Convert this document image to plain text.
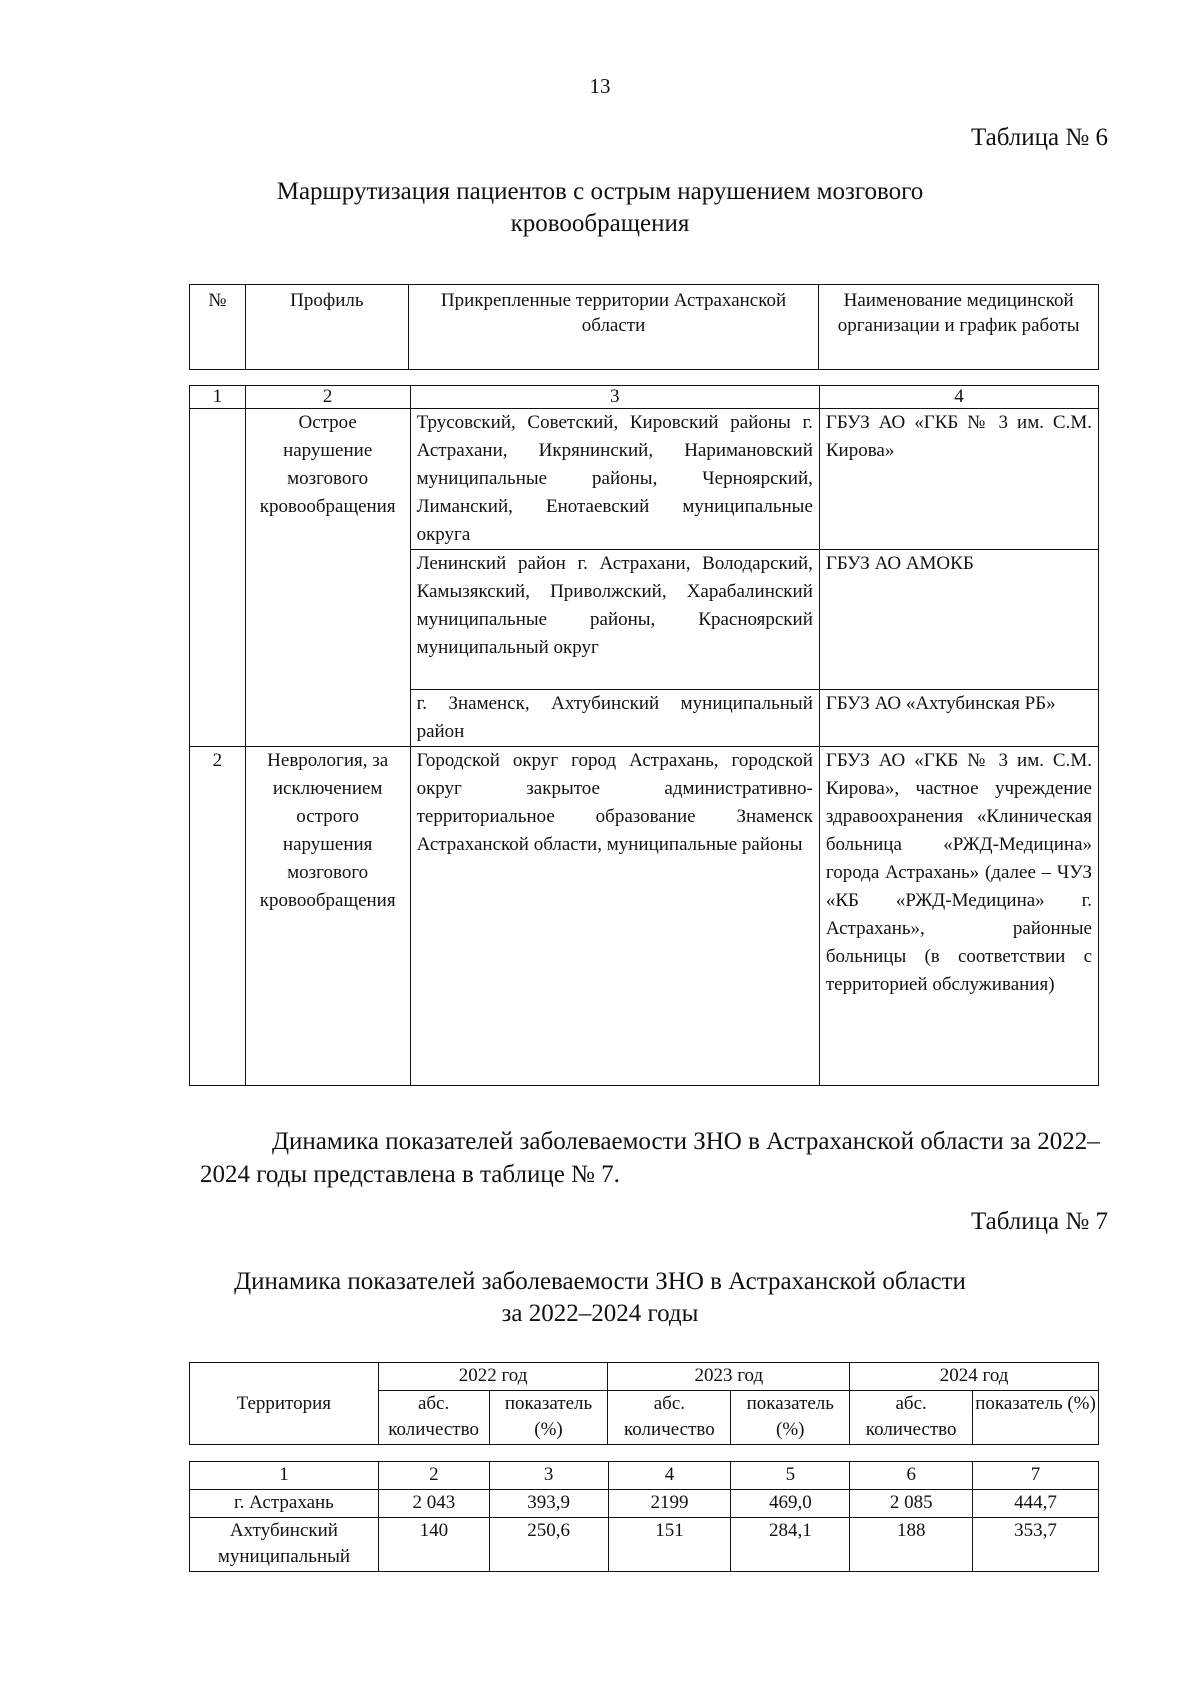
13
Таблица № 6
Маршрутизация пациентов с острым нарушением мозгового
кровообращения
№	Профиль	Прикрепленные территории Астраханской области	Наименование медицинской организации и график работы
1	2	3	4
	Острое нарушение мозгового кровообращения	Трусовский, Советский, Кировский районы г. Астрахани, Икрянинский, Наримановский муниципальные районы, Черноярский, Лиманский, Енотаевский муниципальные округа	ГБУЗ АО «ГКБ № 3 им. С.М. Кирова»
		Ленинский район г. Астрахани, Володарский, Камызякский, Приволжский, Харабалинский муниципальные районы, Красноярский муниципальный округ	ГБУЗ АО АМОКБ
		г. Знаменск, Ахтубинский муниципальный район	ГБУЗ АО «Ахтубинская РБ»
2	Неврология, за исключением острого нарушения мозгового кровообращения	Городской округ город Астрахань, городской округ закрытое административно-территориальное образование Знаменск Астраханской области, муниципальные районы	ГБУЗ АО «ГКБ № 3 им. С.М. Кирова», частное учреждение здравоохранения «Клиническая больница «РЖД-Медицина» города Астрахань» (далее – ЧУЗ «КБ «РЖД-Медицина» г. Астрахань», районные больницы (в соответствии с территорией обслуживания)
Динамика показателей заболеваемости ЗНО в Астраханской области за 2022–2024 годы представлена в таблице № 7.
Таблица № 7
Динамика показателей заболеваемости ЗНО в Астраханской области
за 2022–2024 годы
Территория	2022 год		2023 год		2024 год	
	абс. количество	показатель (%)	абс. количество	показатель (%)	абс. количество	показатель (%)
1	2	3	4	5	6	7
г. Астрахань	2 043	393,9	2199	469,0	2 085	444,7
Ахтубинский муниципальный	140	250,6	151	284,1	188	353,7
